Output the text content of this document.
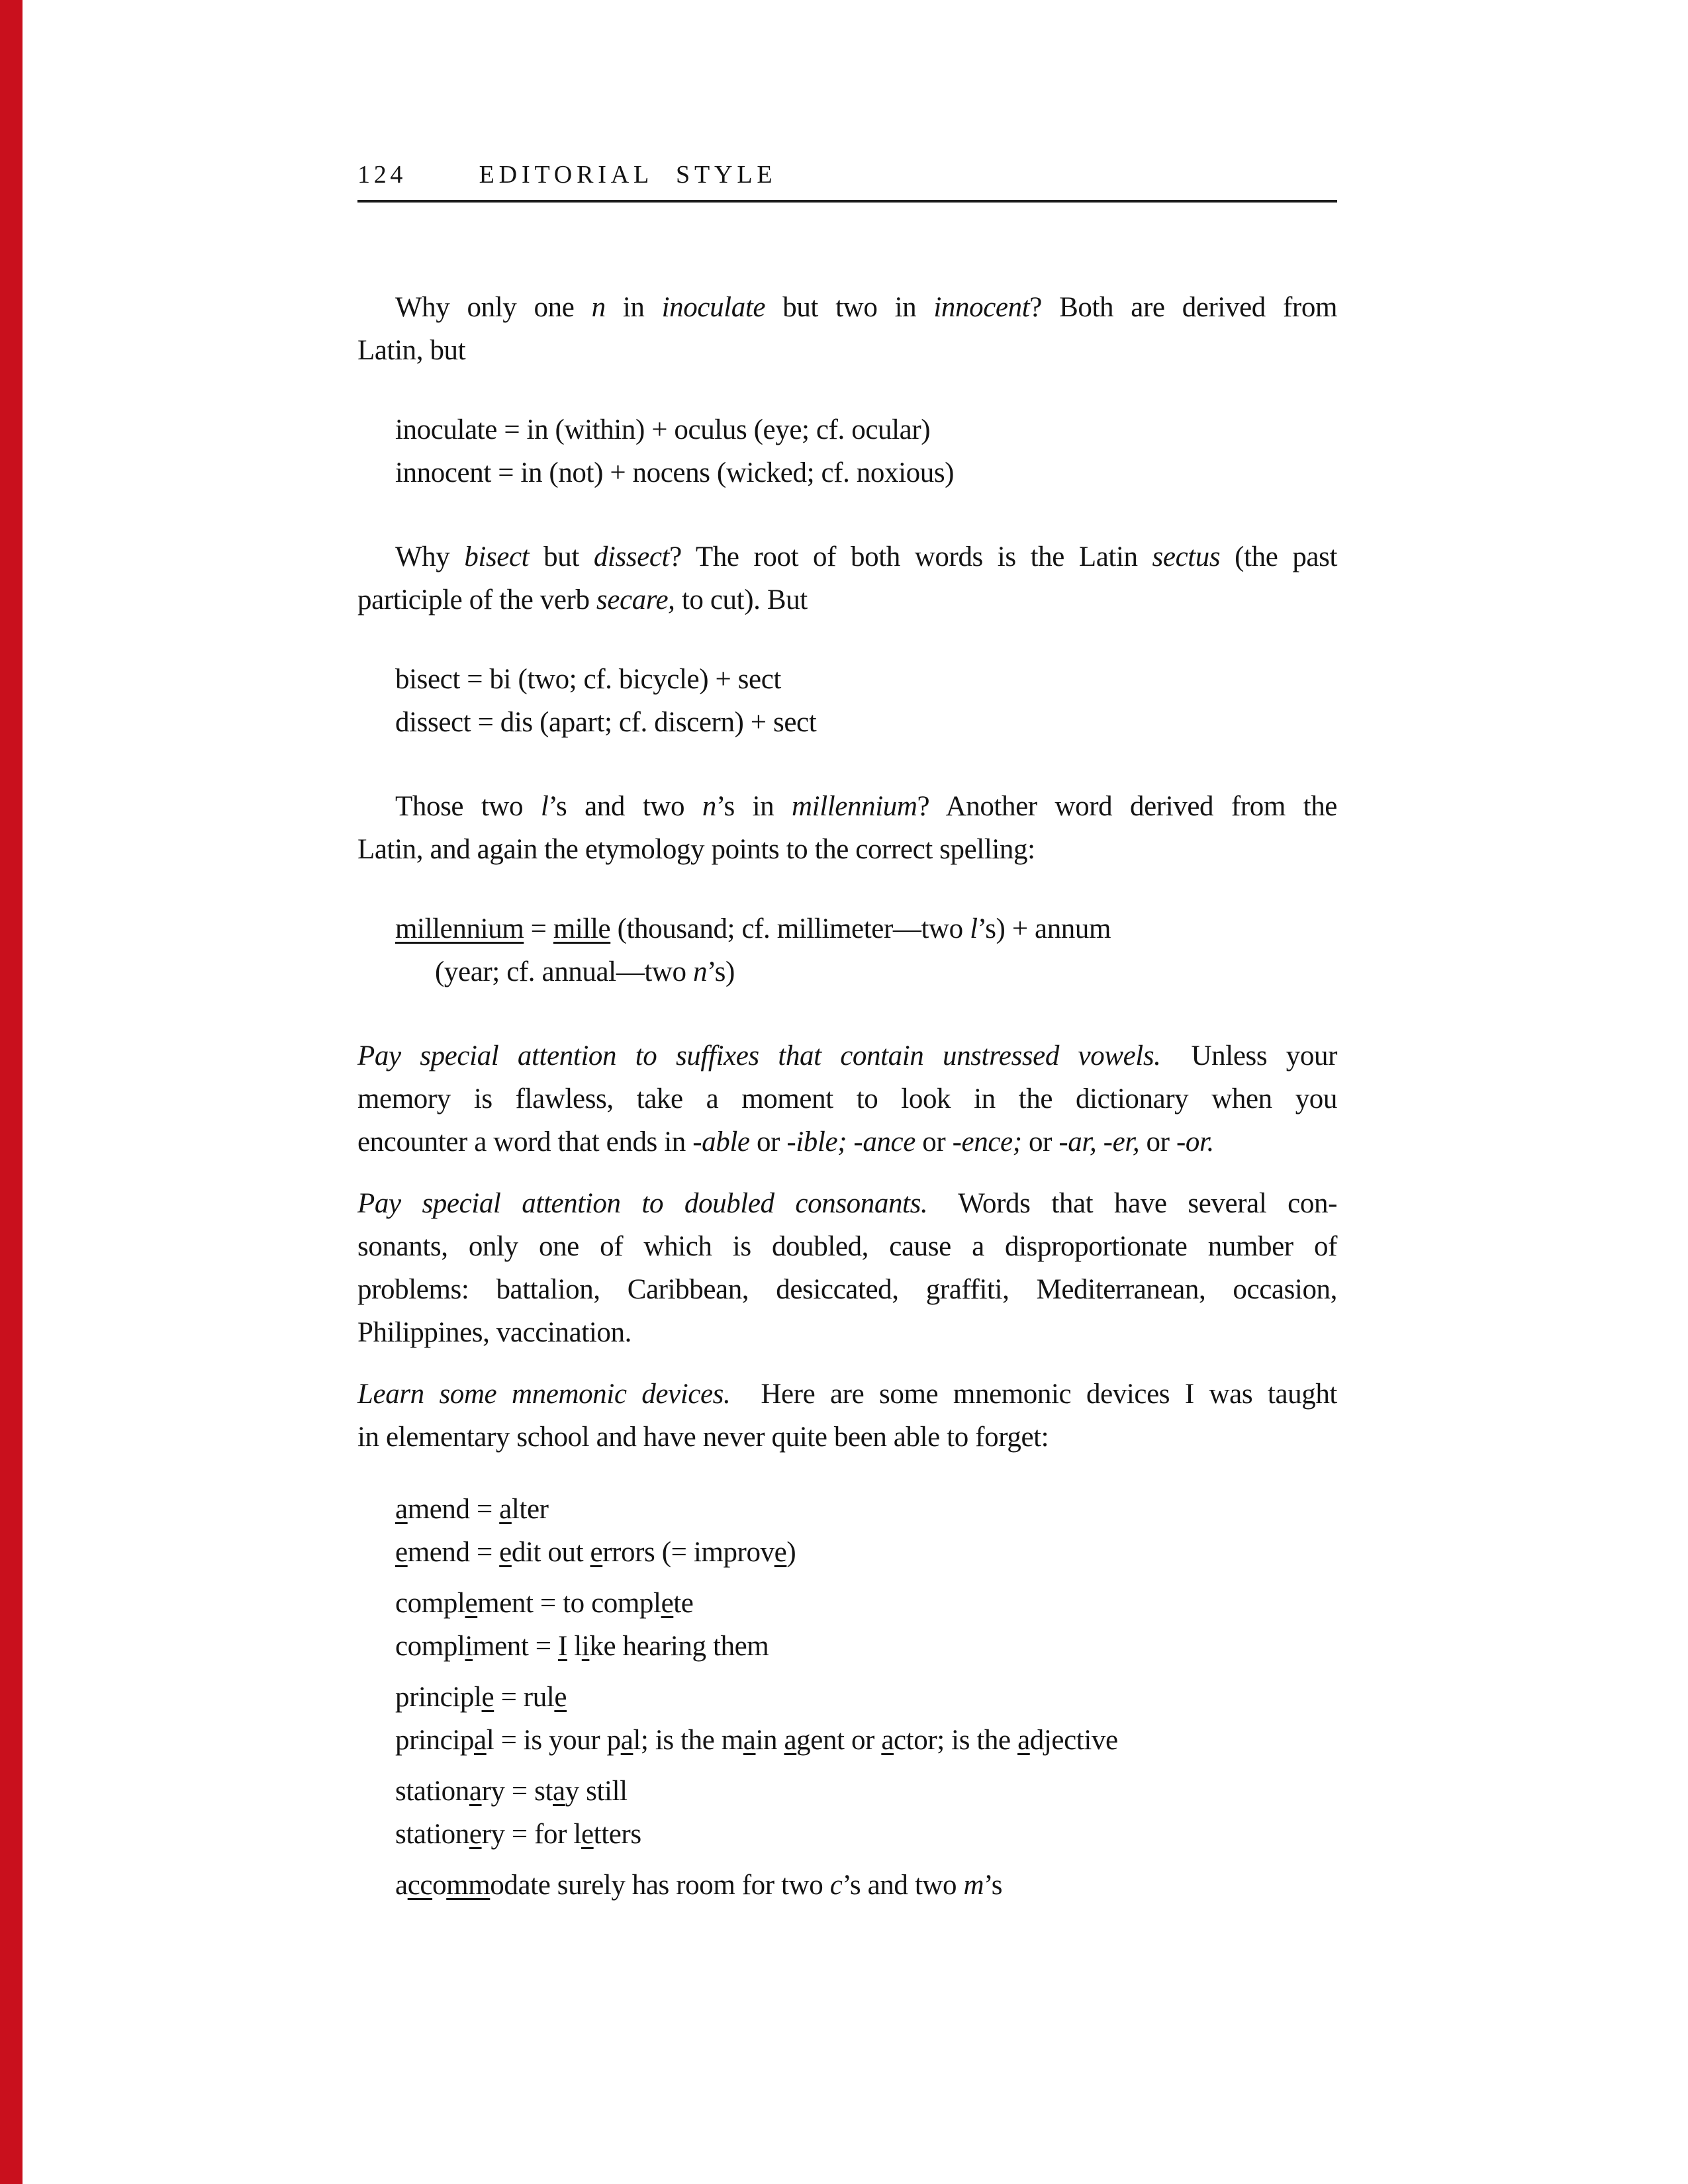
124	EDITORIAL STYLE
Why only one n in inoculate but two in innocent? Both are derived from
Latin, but
inoculate = in (within) + oculus (eye; cf. ocular)
innocent = in (not) + nocens (wicked; cf. noxious)
Why bisect but dissect? The root of both words is the Latin sectus (the past
participle of the verb secare, to cut). But
bisect = bi (two; cf. bicycle) + sect
dissect = dis (apart; cf. discern) + sect
Those two l’s and two n’s in millennium? Another word derived from the
Latin, and again the etymology points to the correct spelling:
millennium = mille (thousand; cf. millimeter—two l’s) + annum
(year; cf. annual—two n’s)
Pay special attention to suffixes that contain unstressed vowels. Unless your
memory is flawless, take a moment to look in the dictionary when you
encounter a word that ends in -able or -ible; -ance or -ence; or -ar, -er, or -or.
Pay special attention to doubled consonants. Words that have several con-
sonants, only one of which is doubled, cause a disproportionate number of
problems: battalion, Caribbean, desiccated, graffiti, Mediterranean, occasion,
Philippines, vaccination.
Learn some mnemonic devices. Here are some mnemonic devices I was taught
in elementary school and have never quite been able to forget:
amend = alter
emend = edit out errors (= improve)
complement = to complete
compliment = I like hearing them
principle = rule
principal = is your pal; is the main agent or actor; is the adjective
stationary = stay still
stationery = for letters
accommodate surely has room for two c’s and two m’s
